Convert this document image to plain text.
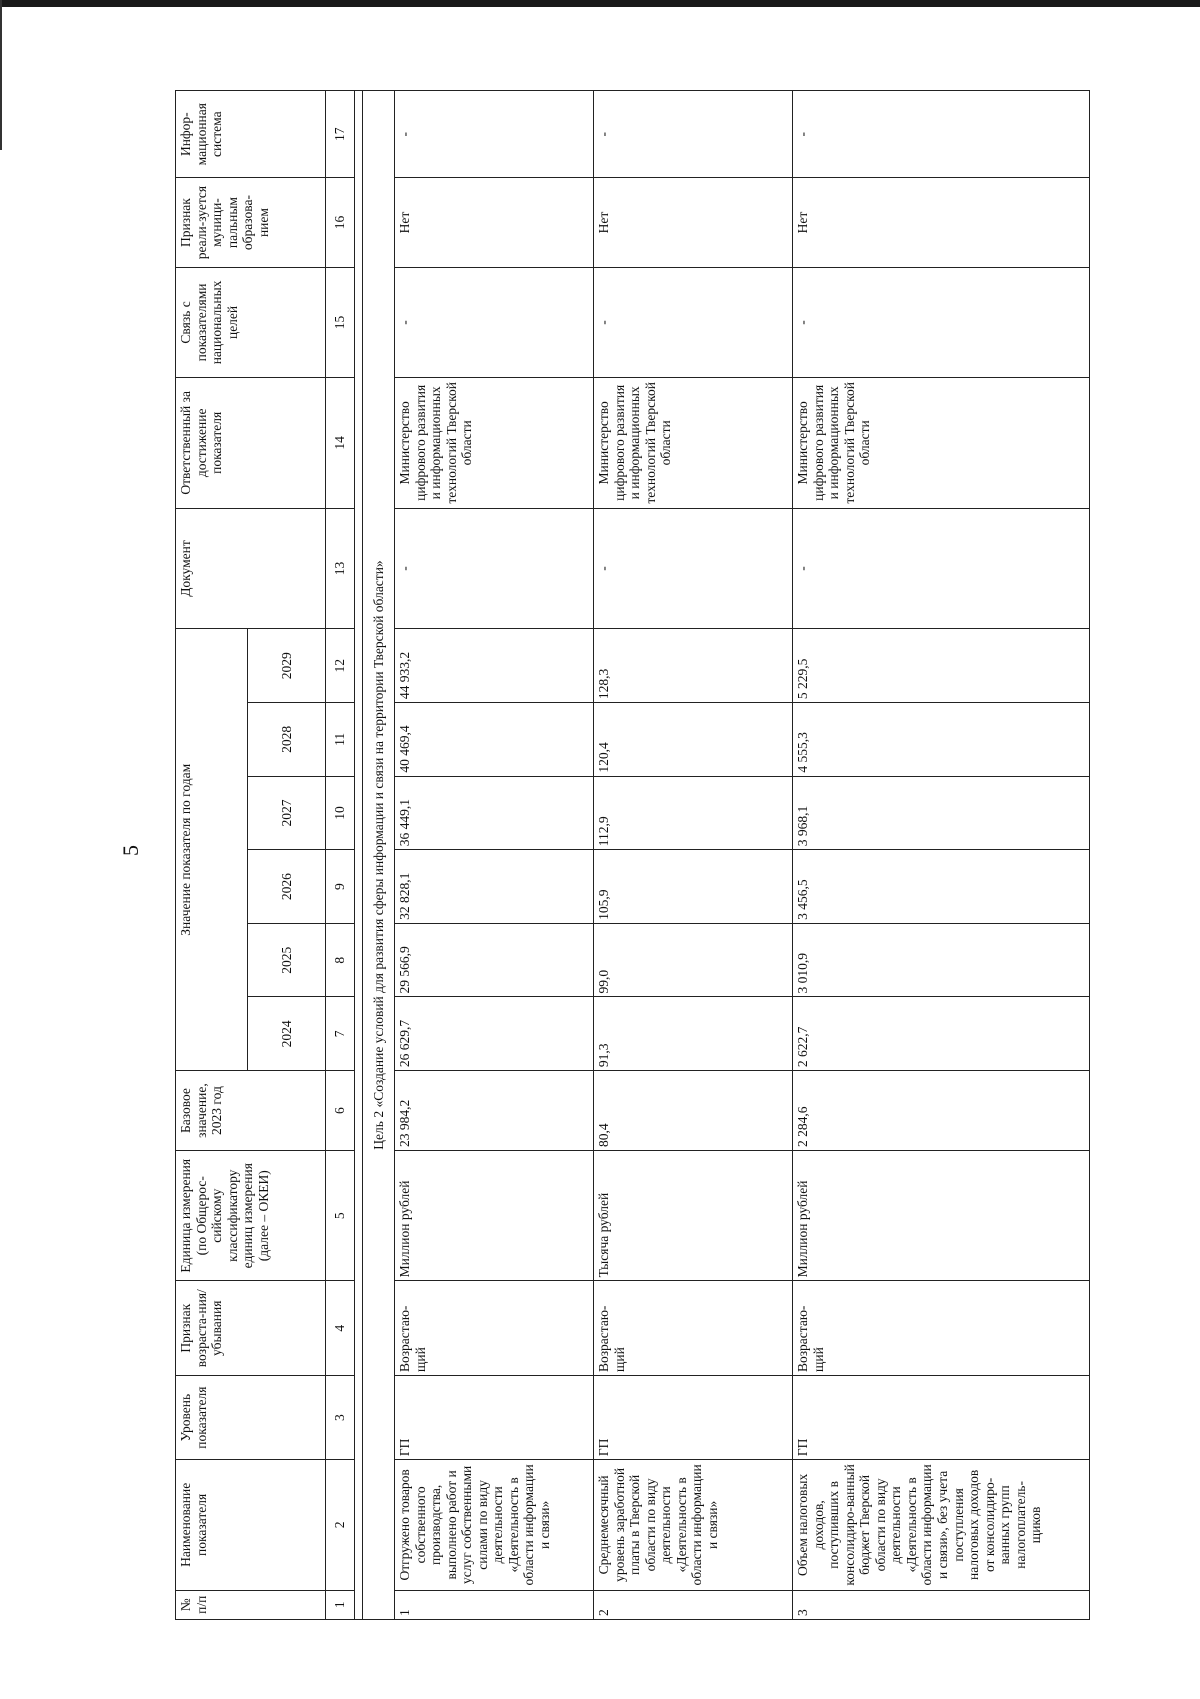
5
№ п/п	Наименование показателя	Уровень показателя	Признак возраста-ния/ убывания	Единица измерения (по Общерос-сийскому классификатору единиц измерения (далее – ОКЕИ)	Базовое значение, 2023 год	Значение показателя по годам						Документ	Ответственный за достижение показателя	Связь с показателями национальных целей	Признак реали-зуется муници-пальным образова-нием	Инфор-мационная система
						2024	2025	2026	2027	2028	2029					
1	2	3	4	5	6	7	8	9	10	11	12	13	14	15	16	17

Цель 2 «Создание условий для развития сферы информации и связи на территории Тверской области»																
1	Отгружено товаров собственного производства, выполнено работ и услуг собственными силами по виду деятельности «Деятельность в области информации и связи»	ГП	Возрастаю-щий	Миллион рублей	23 984,2	26 629,7	29 566,9	32 828,1	36 449,1	40 469,4	44 933,2	-	Министерство цифрового развития и информационных технологий Тверской области	-	Нет	-
2	Среднемесячный уровень заработной платы в Тверской области по виду деятельности «Деятельность в области информации и связи»	ГП	Возрастаю-щий	Тысяча рублей	80,4	91,3	99,0	105,9	112,9	120,4	128,3	-	Министерство цифрового развития и информационных технологий Тверской области	-	Нет	-
3	Объем налоговых доходов, поступивших в консолидиро-ванный бюджет Тверской области по виду деятельности «Деятельность в области информации и связи», без учета поступления налоговых доходов от консолидиро-ванных групп налогоплатель-щиков	ГП	Возрастаю-щий	Миллион рублей	2 284,6	2 622,7	3 010,9	3 456,5	3 968,1	4 555,3	5 229,5	-	Министерство цифрового развития и информационных технологий Тверской области	-	Нет	-
